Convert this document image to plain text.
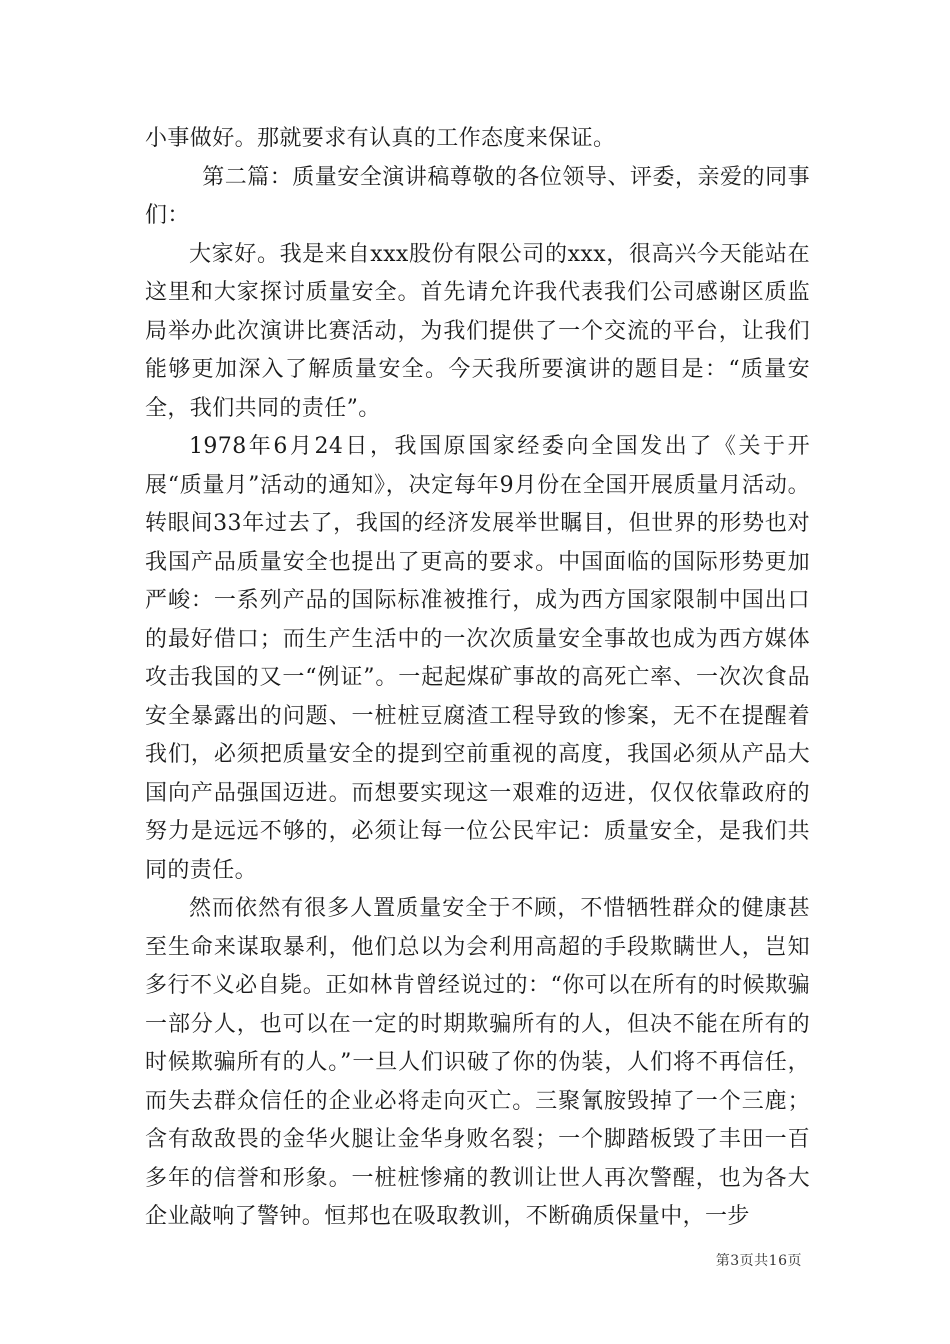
小事做好。那就要求有认真的工作态度来保证。

第二篇：质量安全演讲稿尊敬的各位领导、评委，亲爱的同事们：

大家好。我是来自xxx股份有限公司的xxx，很高兴今天能站在这里和大家探讨质量安全。首先请允许我代表我们公司感谢区质监局举办此次演讲比赛活动，为我们提供了一个交流的平台，让我们能够更加深入了解质量安全。今天我所要演讲的题目是：“质量安全，我们共同的责任”。

1978年6月24日，我国原国家经委向全国发出了《关于开展“质量月”活动的通知》，决定每年9月份在全国开展质量月活动。转眼间33年过去了，我国的经济发展举世瞩目，但世界的形势也对我国产品质量安全也提出了更高的要求。中国面临的国际形势更加严峻：一系列产品的国际标准被推行，成为西方国家限制中国出口的最好借口；而生产生活中的一次次质量安全事故也成为西方媒体攻击我国的又一“例证”。一起起煤矿事故的高死亡率、一次次食品安全暴露出的问题、一桩桩豆腐渣工程导致的惨案，无不在提醒着我们，必须把质量安全的提到空前重视的高度，我国必须从产品大国向产品强国迈进。而想要实现这一艰难的迈进，仅仅依靠政府的努力是远远不够的，必须让每一位公民牢记：质量安全，是我们共同的责任。

然而依然有很多人置质量安全于不顾，不惜牺牲群众的健康甚至生命来谋取暴利，他们总以为会利用高超的手段欺瞒世人，岂知多行不义必自毙。正如林肯曾经说过的：“你可以在所有的时候欺骗一部分人，也可以在一定的时期欺骗所有的人，但决不能在所有的时候欺骗所有的人。”一旦人们识破了你的伪装，人们将不再信任，而失去群众信任的企业必将走向灭亡。三聚氰胺毁掉了一个三鹿；含有敌敌畏的金华火腿让金华身败名裂；一个脚踏板毁了丰田一百多年的信誉和形象。一桩桩惨痛的教训让世人再次警醒，也为各大企业敲响了警钟。恒邦也在吸取教训，不断确质保量中，一步

第3页共16页
